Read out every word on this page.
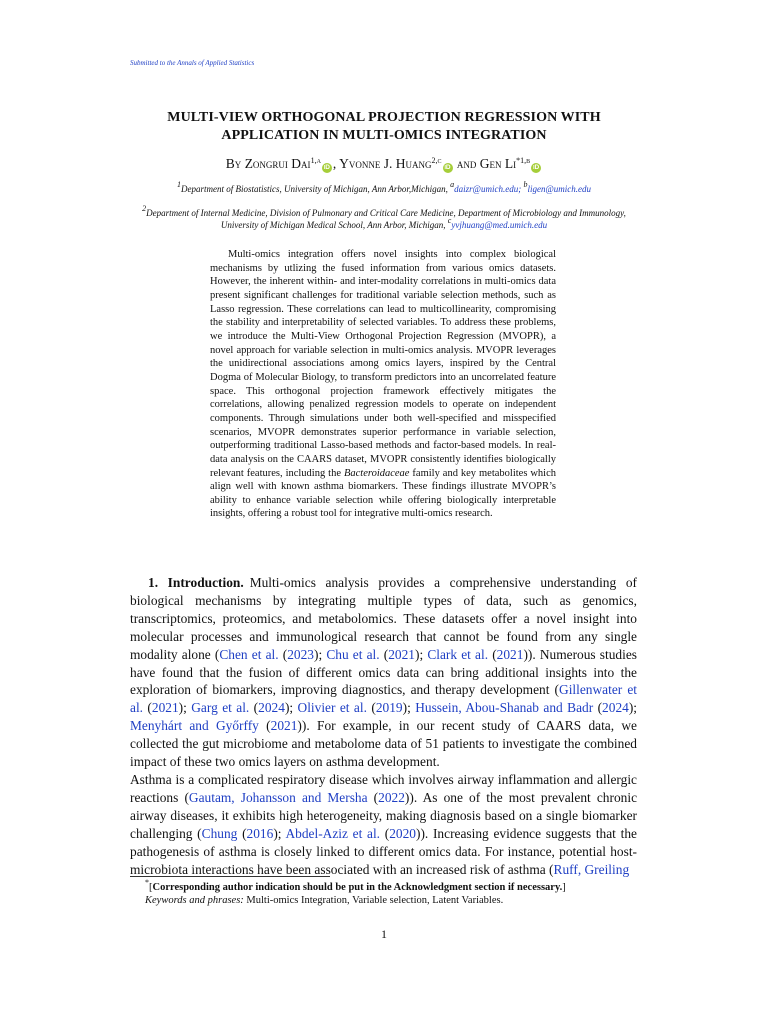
Submitted to the Annals of Applied Statistics
MULTI-VIEW ORTHOGONAL PROJECTION REGRESSION WITH
APPLICATION IN MULTI-OMICS INTEGRATION
By Zongrui Dai$^{1,a}$iD , Yvonne J. Huang$^{2,c}$iD and Gen Li$^{*1,b}$iD
$^1$Department of Biostatistics, University of Michigan, Ann Arbor,Michigan, $^a$daizr@umich.edu; $^b$ligen@umich.edu
$^2$Department of Internal Medicine, Division of Pulmonary and Critical Care Medicine, Department of Microbiology and Immunology, University of Michigan Medical School, Ann Arbor, Michigan, $^c$yvjhuang@med.umich.edu
Multi-omics integration offers novel insights into complex biological mechanisms by utlizing the fused information from various omics datasets. However, the inherent within- and inter-modality correlations in multi-omics data present significant challenges for traditional variable selection methods, such as Lasso regression. These correlations can lead to multicollinearity, compromising the stability and interpretability of selected variables. To address these problems, we introduce the Multi-View Orthogonal Projection Regression (MVOPR), a novel approach for variable selection in multi-omics analysis. MVOPR leverages the unidirectional associations among omics layers, inspired by the Central Dogma of Molecular Biology, to transform predictors into an uncorrelated feature space. This orthogonal projection framework effectively mitigates the correlations, allowing penalized regression models to operate on independent components. Through simulations under both well-specified and misspecified scenarios, MVOPR demonstrates superior performance in variable selection, outperforming traditional Lasso-based methods and factor-based models. In real-data analysis on the CAARS dataset, MVOPR consistently identifies biologically relevant features, including the Bacteroidaceae family and key metabolites which align well with known asthma biomarkers. These findings illustrate MVOPR’s ability to enhance variable selection while offering biologically interpretable insights, offering a robust tool for integrative multi-omics research.

1. Introduction. Multi-omics analysis provides a comprehensive understanding of biological mechanisms by integrating multiple types of data, such as genomics, transcriptomics, proteomics, and metabolomics. These datasets offer a novel insight into molecular processes and immunological research that cannot be found from any single modality alone (Chen et al. (2023); Chu et al. (2021); Clark et al. (2021)). Numerous studies have found that the fusion of different omics data can bring additional insights into the exploration of biomarkers, improving diagnostics, and therapy development (Gillenwater et al. (2021); Garg et al. (2024); Olivier et al. (2019); Hussein, Abou-Shanab and Badr (2024); Menyhárt and Győrffy (2021)). For example, in our recent study of CAARS data, we collected the gut microbiome and metabolome data of 51 patients to investigate the combined impact of these two omics layers on asthma development.

Asthma is a complicated respiratory disease which involves airway inflammation and allergic reactions (Gautam, Johansson and Mersha (2022)). As one of the most prevalent chronic airway diseases, it exhibits high heterogeneity, making diagnosis based on a single biomarker challenging (Chung (2016); Abdel-Aziz et al. (2020)). Increasing evidence suggests that the pathogenesis of asthma is closely linked to different omics data. For instance, potential host-microbiota interactions have been associated with an increased risk of asthma (Ruff, Greiling

*[Corresponding author indication should be put in the Acknowledgment section if necessary.]
Keywords and phrases: Multi-omics Integration, Variable selection, Latent Variables.
1
